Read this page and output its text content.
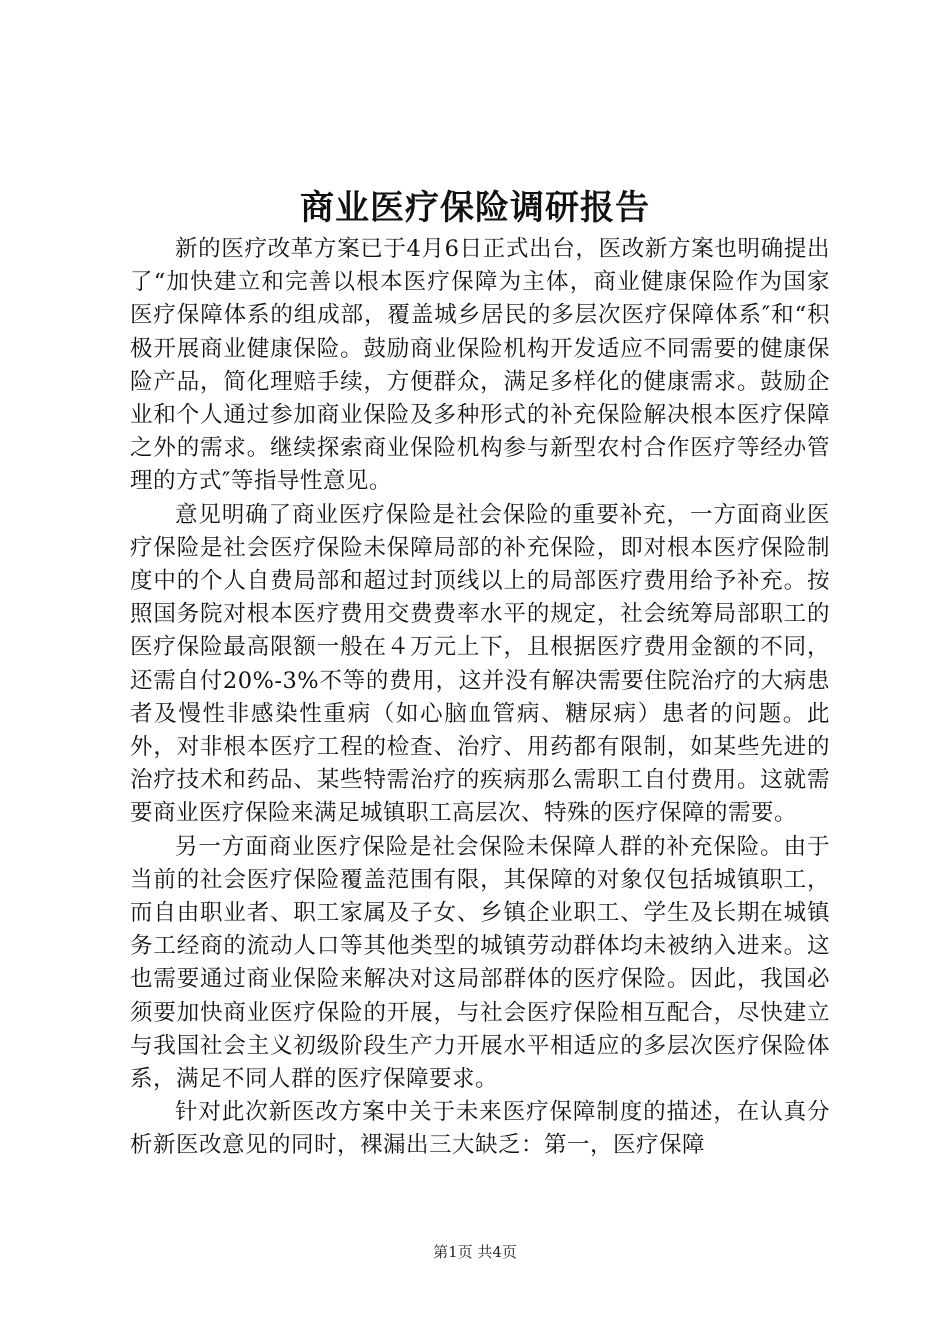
商业医疗保险调研报告

新的医疗改革方案已于4月6日正式出台，医改新方案也明确提出了“加快建立和完善以根本医疗保障为主体，商业健康保险作为国家医疗保障体系的组成部，覆盖城乡居民的多层次医疗保障体系″和“积极开展商业健康保险。鼓励商业保险机构开发适应不同需要的健康保险产品，简化理赔手续，方便群众，满足多样化的健康需求。鼓励企业和个人通过参加商业保险及多种形式的补充保险解决根本医疗保障之外的需求。继续探索商业保险机构参与新型农村合作医疗等经办管理的方式″等指导性意见。

意见明确了商业医疗保险是社会保险的重要补充，一方面商业医疗保险是社会医疗保险未保障局部的补充保险，即对根本医疗保险制度中的个人自费局部和超过封顶线以上的局部医疗费用给予补充。按照国务院对根本医疗费用交费费率水平的规定，社会统筹局部职工的医疗保险最高限额一般在４万元上下，且根据医疗费用金额的不同，还需自付20%-3%不等的费用，这并没有解决需要住院治疗的大病患者及慢性非感染性重病（如心脑血管病、糖尿病）患者的问题。此外，对非根本医疗工程的检查、治疗、用药都有限制，如某些先进的治疗技术和药品、某些特需治疗的疾病那么需职工自付费用。这就需要商业医疗保险来满足城镇职工高层次、特殊的医疗保障的需要。

另一方面商业医疗保险是社会保险未保障人群的补充保险。由于当前的社会医疗保险覆盖范围有限，其保障的对象仅包括城镇职工，而自由职业者、职工家属及子女、乡镇企业职工、学生及长期在城镇务工经商的流动人口等其他类型的城镇劳动群体均未被纳入进来。这也需要通过商业保险来解决对这局部群体的医疗保险。因此，我国必须要加快商业医疗保险的开展，与社会医疗保险相互配合，尽快建立与我国社会主义初级阶段生产力开展水平相适应的多层次医疗保险体系，满足不同人群的医疗保障要求。

针对此次新医改方案中关于未来医疗保障制度的描述，在认真分析新医改意见的同时，裸漏出三大缺乏：第一，医疗保障

第1页 共4页
